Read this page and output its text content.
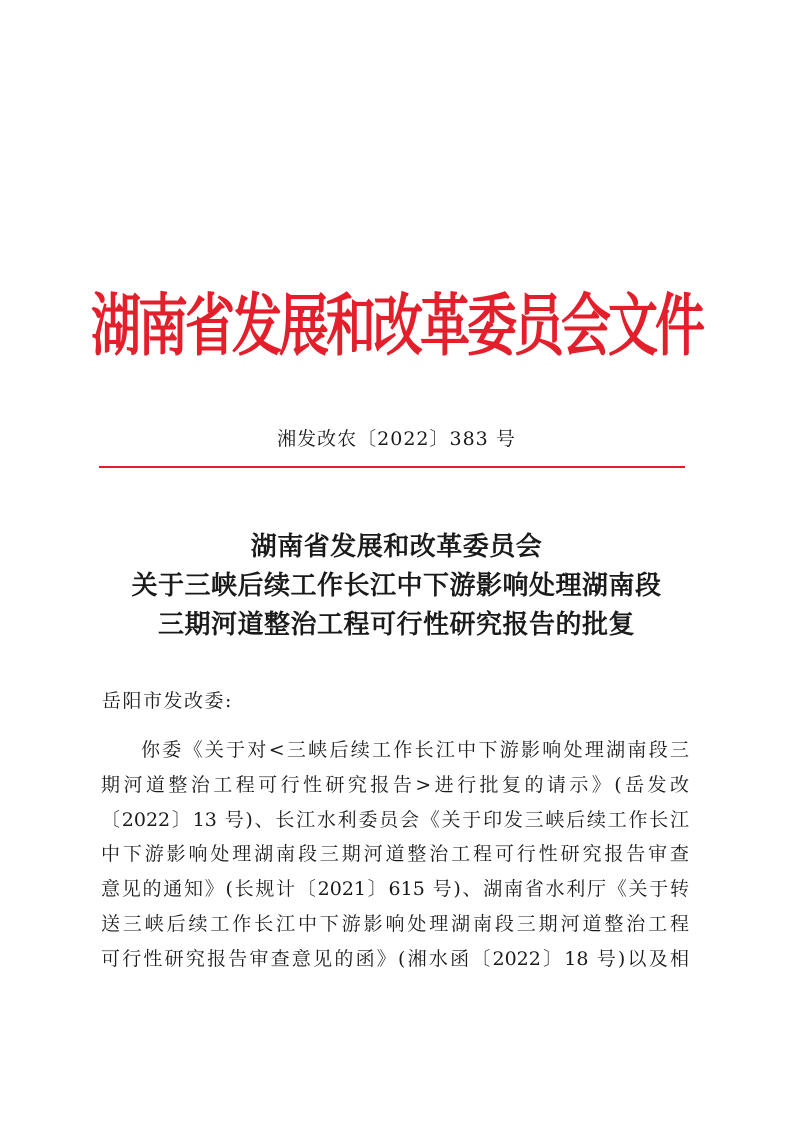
湖南省发展和改革委员会文件
湘发改农〔2022〕383 号
湖南省发展和改革委员会
关于三峡后续工作长江中下游影响处理湖南段
三期河道整治工程可行性研究报告的批复
岳阳市发改委:
你委《关于对<三峡后续工作长江中下游影响处理湖南段三
期河道整治工程可行性研究报告>进行批复的请示》(岳发改
〔2022〕13 号)、长江水利委员会《关于印发三峡后续工作长江
中下游影响处理湖南段三期河道整治工程可行性研究报告审查
意见的通知》(长规计〔2021〕615 号)、湖南省水利厅《关于转
送三峡后续工作长江中下游影响处理湖南段三期河道整治工程
可行性研究报告审查意见的函》(湘水函〔2022〕18 号)以及相
